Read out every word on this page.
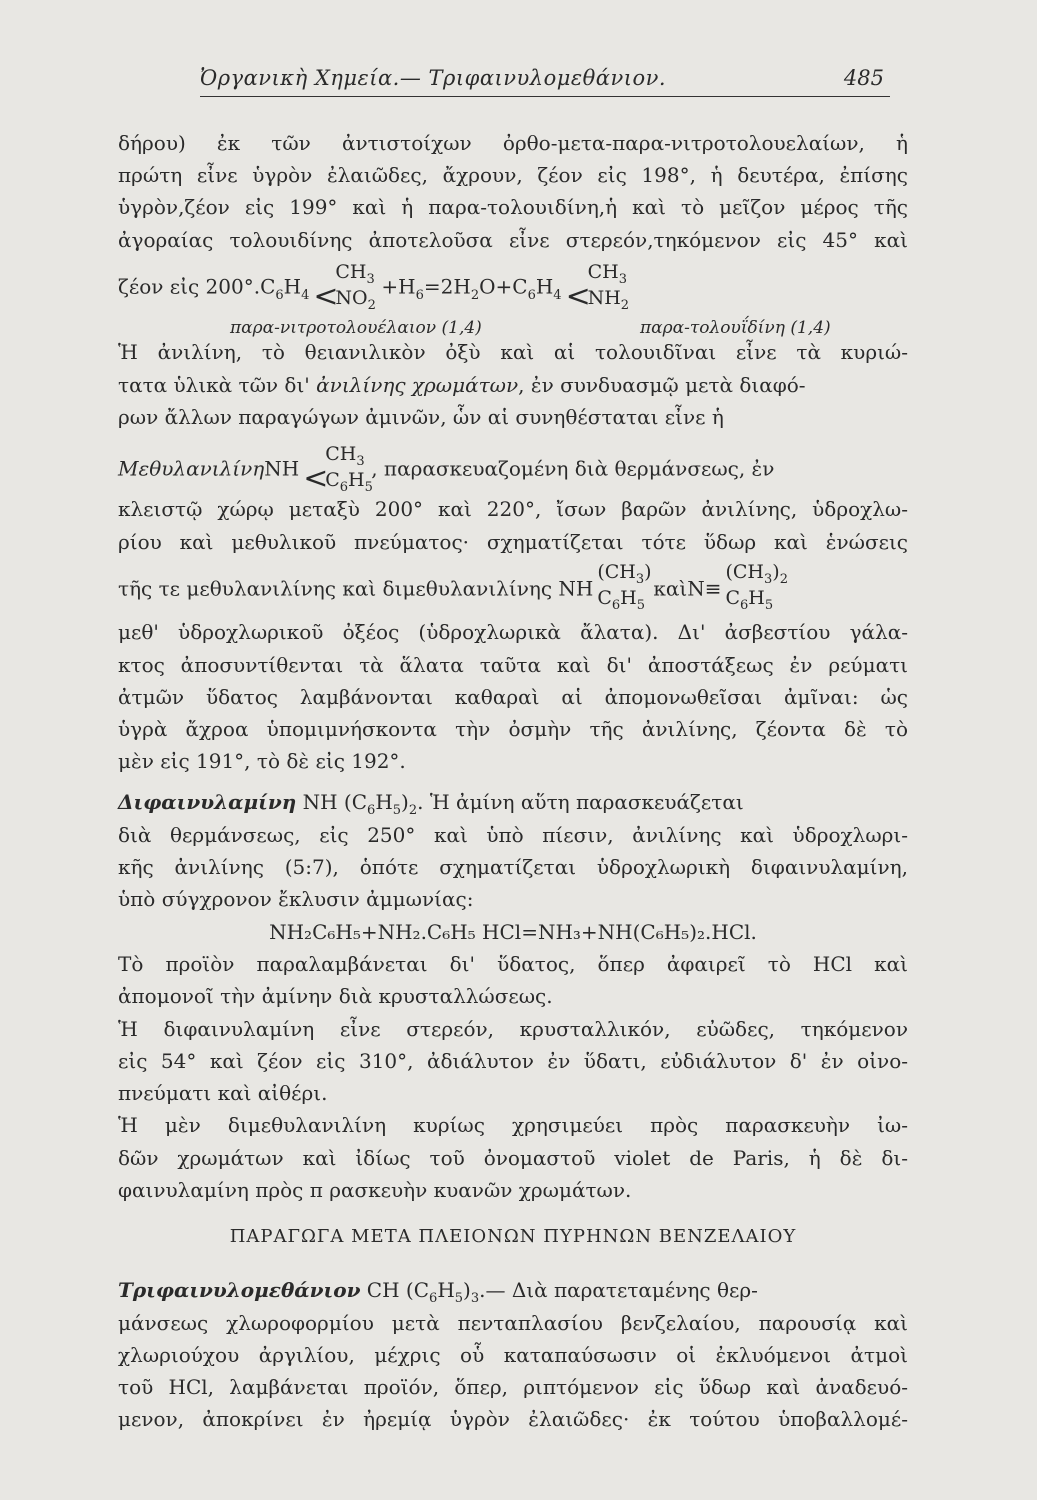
Ὀργανικὴ Χημεία.— Τριφαινυλομεθάνιον.	485
δήρου) ἐκ τῶν ἀντιστοίχων ὀρθο-μετα-παρα-νιτροτολουελαίων, ἡ
πρώτη εἶνε ὑγρὸν ἐλαιῶδες, ἄχρουν, ζέον εἰς 198°, ἡ δευτέρα, ἐπίσης
ὑγρὸν,ζέον εἰς 199° καὶ ἡ παρα-τολουιδίνη,ἡ καὶ τὸ μεῖζον μέρος τῆς
ἀγοραίας τολουιδίνης ἀποτελοῦσα εἶνε στερεόν,τηκόμενον εἰς 45° καὶ
ζέον εἰς $200^\circ.C_6H_4$ <
$CH_3$
$NO_2$
$+H_6=2H_2O+C_6H_4$ <
$CH_3$
$NH_2$
παρα-νιτροτολουέλαιον (1,4)	παρα-τολουΐδίνη (1,4)
Ἡ ἀνιλίνη, τὸ θειανιλικὸν ὀξὺ καὶ αἱ τολουιδῖναι εἶνε τὰ κυριώ-
τατα ὑλικὰ τῶν δι' ἀνιλίνης χρωμάτων, ἐν συνδυασμῷ μετὰ διαφό-
ρων ἄλλων παραγώγων ἀμινῶν, ὧν αἱ συνηθέσταται εἶνε ἡ
ΜεθυλανιλίνηNH <
$CH_3$
$C_6H_5$
, παρασκευαζομένη διὰ θερμάνσεως, ἐν
κλειστῷ χώρῳ μεταξὺ 200° καὶ 220°, ἴσων βαρῶν ἀνιλίνης, ὑδροχλω-
ρίου καὶ μεθυλικοῦ πνεύματος· σχηματίζεται τότε ὕδωρ καὶ ἑνώσεις
τῆς τε μεθυλανιλίνης καὶ διμεθυλανιλίνης NH
$(CH_3)$
$C_6H_5$
καὶN≡
$(CH_3)_2$
$C_6H_5$
μεθ' ὑδροχλωρικοῦ ὀξέος (ὑδροχλωρικὰ ἄλατα). Δι' ἀσβεστίου γάλα-
κτος ἀποσυντίθενται τὰ ἅλατα ταῦτα καὶ δι' ἀποστάξεως ἐν ρεύματι
ἀτμῶν ὕδατος λαμβάνονται καθαραὶ αἱ ἀπομονωθεῖσαι ἀμῖναι: ὡς
ὑγρὰ ἄχροα ὑπομιμνήσκοντα τὴν ὀσμὴν τῆς ἀνιλίνης, ζέοντα δὲ τὸ
μὲν εἰς 191°, τὸ δὲ εἰς 192°.
Διφαινυλαμίνη NH $(C_6H_5)_2$. Ἡ ἀμίνη αὕτη παρασκευάζεται
διὰ θερμάνσεως, εἰς 250° καὶ ὑπὸ πίεσιν, ἀνιλίνης καὶ ὑδροχλωρι-
κῆς ἀνιλίνης (5:7), ὁπότε σχηματίζεται ὑδροχλωρικὴ διφαινυλαμίνη,
ὑπὸ σύγχρονον ἔκλυσιν ἀμμωνίας:
NH₂C₆H₅+NH₂.C₆H₅ HCl=NH₃+NH(C₆H₅)₂.HCl.
Τὸ προϊὸν παραλαμβάνεται δι' ὕδατος, ὅπερ ἀφαιρεῖ τὸ HCl καὶ
ἀπομονοῖ τὴν ἀμίνην διὰ κρυσταλλώσεως.
Ἡ διφαινυλαμίνη εἶνε στερεόν, κρυσταλλικόν, εὐῶδες, τηκόμενον
εἰς 54° καὶ ζέον εἰς 310°, ἀδιάλυτον ἐν ὕδατι, εὐδιάλυτον δ' ἐν οἰνο-
πνεύματι καὶ αἰθέρι.
Ἡ μὲν διμεθυλανιλίνη κυρίως χρησιμεύει πρὸς παρασκευὴν ἰω-
δῶν χρωμάτων καὶ ἰδίως τοῦ ὀνομαστοῦ violet de Paris, ἡ δὲ δι-
φαινυλαμίνη πρὸς π ρασκευὴν κυανῶν χρωμάτων.
ΠΑΡΑΓΩΓΑ ΜΕΤΑ ΠΛΕΙΟΝΩΝ ΠΥΡΗΝΩΝ ΒΕΝΖΕΛΑΙΟΥ
Τριφαινυλομεθάνιον CH $(C_6H_5)_3.—$ Διὰ παρατεταμένης θερ-
μάνσεως χλωροφορμίου μετὰ πενταπλασίου βενζελαίου, παρουσίᾳ καὶ
χλωριούχου ἀργιλίου, μέχρις οὗ καταπαύσωσιν οἱ ἐκλυόμενοι ἀτμοὶ
τοῦ HCl, λαμβάνεται προϊόν, ὅπερ, ριπτόμενον εἰς ὕδωρ καὶ ἀναδευό-
μενον, ἀποκρίνει ἐν ἠρεμίᾳ ὑγρὸν ἐλαιῶδες· ἐκ τούτου ὑποβαλλομέ-
